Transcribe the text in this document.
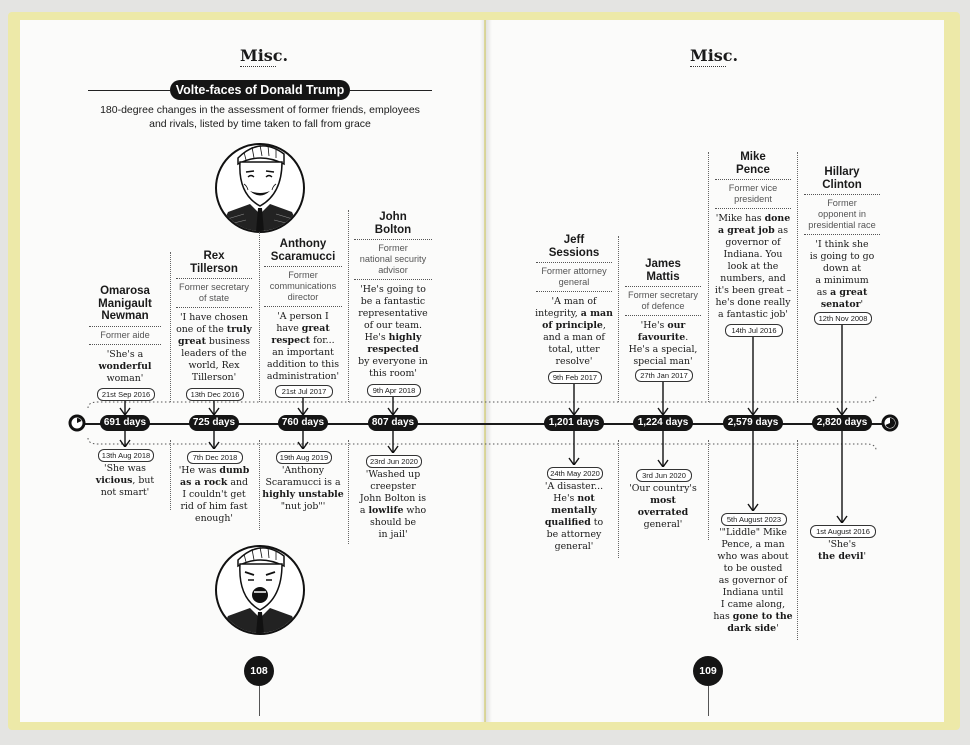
Misc.	Misc.
Volte-faces of Donald Trump
180-degree changes in the assessment of former friends, employees
and rivals, listed by time taken to fall from grace
Omarosa
Manigault
Newman
Former aide
'She's a
wonderful
woman'
21st Sep 2016
691 days
13th Aug 2018
'She was
vicious, but
not smart'
Rex
Tillerson
Former secretary
of state
'I have chosen
one of the truly
great business
leaders of the
world, Rex
Tillerson'
13th Dec 2016
725 days
7th Dec 2018
'He was dumb
as a rock and
I couldn't get
rid of him fast
enough'
Anthony
Scaramucci
Former
communications
director
'A person I
have great
respect for...
an important
addition to this
administration'
21st Jul 2017
760 days
19th Aug 2019
'Anthony
Scaramucci is a
highly unstable
"nut job"'
John
Bolton
Former
national security
advisor
'He's going to
be a fantastic
representative
of our team.
He's highly
respected
by everyone in
this room'
9th Apr 2018
807 days
23rd Jun 2020
'Washed up
creepster
John Bolton is
a lowlife who
should be
in jail'
Jeff
Sessions
Former attorney
general
'A man of
integrity, a man
of principle,
and a man of
total, utter
resolve'
9th Feb 2017
1,201 days
24th May 2020
'A disaster...
He's not
mentally
qualified to
be attorney
general'
James
Mattis
Former secretary
of defence
'He's our
favourite.
He's a special,
special man'
27th Jan 2017
1,224 days
3rd Jun 2020
'Our country's
most
overrated
general'
Mike
Pence
Former vice
president
'Mike has done
a great job as
governor of
Indiana. You
look at the
numbers, and
it's been great –
he's done really
a fantastic job'
14th Jul 2016
2,579 days
5th August 2023
'"Liddle" Mike
Pence, a man
who was about
to be ousted
as governor of
Indiana until
I came along,
has gone to the
dark side'
Hillary
Clinton
Former
opponent in
presidential race
'I think she
is going to go
down at
a minimum
as a great
senator'
12th Nov 2008
2,820 days
1st August 2016
'She's
the devil'
108	109
